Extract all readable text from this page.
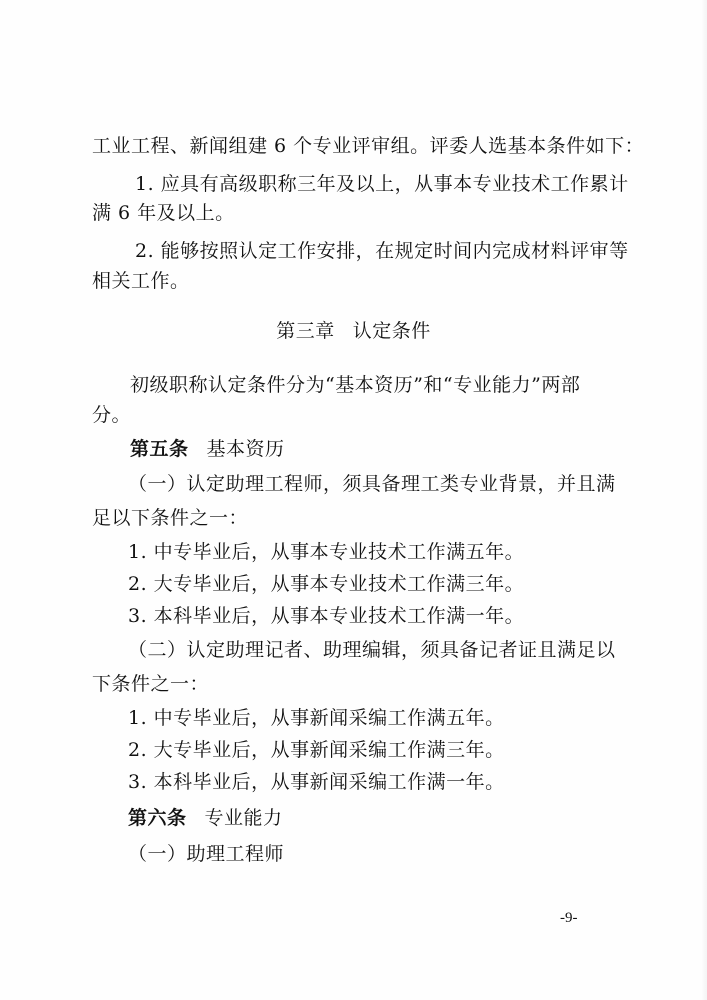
工业工程、新闻组建 6 个专业评审组。评委人选基本条件如下：
1. 应具有高级职称三年及以上，从事本专业技术工作累计
满 6 年及以上。
2. 能够按照认定工作安排，在规定时间内完成材料评审等
相关工作。
第三章 认定条件
初级职称认定条件分为“基本资历”和“专业能力”两部
分。
第五条 基本资历
（一）认定助理工程师，须具备理工类专业背景，并且满
足以下条件之一：
1. 中专毕业后，从事本专业技术工作满五年。
2. 大专毕业后，从事本专业技术工作满三年。
3. 本科毕业后，从事本专业技术工作满一年。
（二）认定助理记者、助理编辑，须具备记者证且满足以
下条件之一：
1. 中专毕业后，从事新闻采编工作满五年。
2. 大专毕业后，从事新闻采编工作满三年。
3. 本科毕业后，从事新闻采编工作满一年。
第六条 专业能力
（一）助理工程师
-9-
